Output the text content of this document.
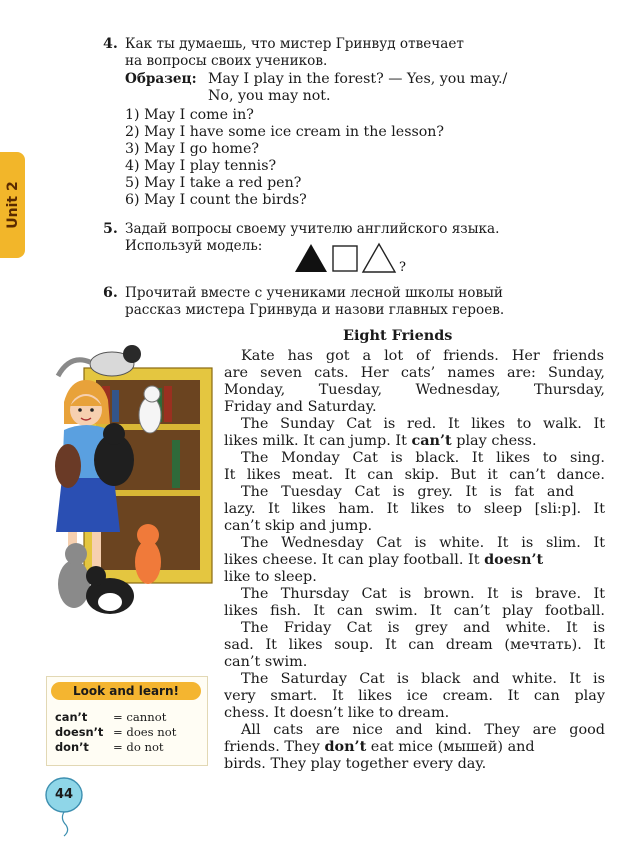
Unit 2
4. Как ты думаешь, что мистер Гринвуд отвечает
на вопросы своих учеников.
Образец: May I play in the forest? — Yes, you may./
No, you may not.
1) May I come in?
2) May I have some ice cream in the lesson?
3) May I go home?
4) May I play tennis?
5) May I take a red pen?
6) May I count the birds?
5. Задай вопросы своему учителю английского языка.
Используй модель:
?
6. Прочитай вместе с учениками лесной школы новый
рассказ мистера Гринвуда и назови главных героев.
Eight Friends
Kate has got a lot of friends. Her friends
are seven cats. Her cats’ names are: Sunday,
Monday, Tuesday, Wednesday, Thursday,
Friday and Saturday.
The Sunday Cat is red. It likes to walk. It
likes milk. It can jump. It can’t play chess.
The Monday Cat is black. It likes to sing.
It likes meat. It can skip. But it can’t dance.
The Tuesday Cat is grey. It is fat and
lazy. It likes ham. It likes to sleep [sli:p]. It
can’t skip and jump.
The Wednesday Cat is white. It is slim. It
likes cheese. It can play football. It doesn’t
like to sleep.
The Thursday Cat is brown. It is brave. It
likes fish. It can swim. It can’t play football.
The Friday Cat is grey and white. It is
sad. It likes soup. It can dream (мечтать). It
can’t swim.
The Saturday Cat is black and white. It is
very smart. It likes ice cream. It can play
chess. It doesn’t like to dream.
All cats are nice and kind. They are good
friends. They don’t eat mice (мышей) and
birds. They play together every day.
Look and learn!
can’t = cannot
doesn’t = does not
don’t = do not
44
